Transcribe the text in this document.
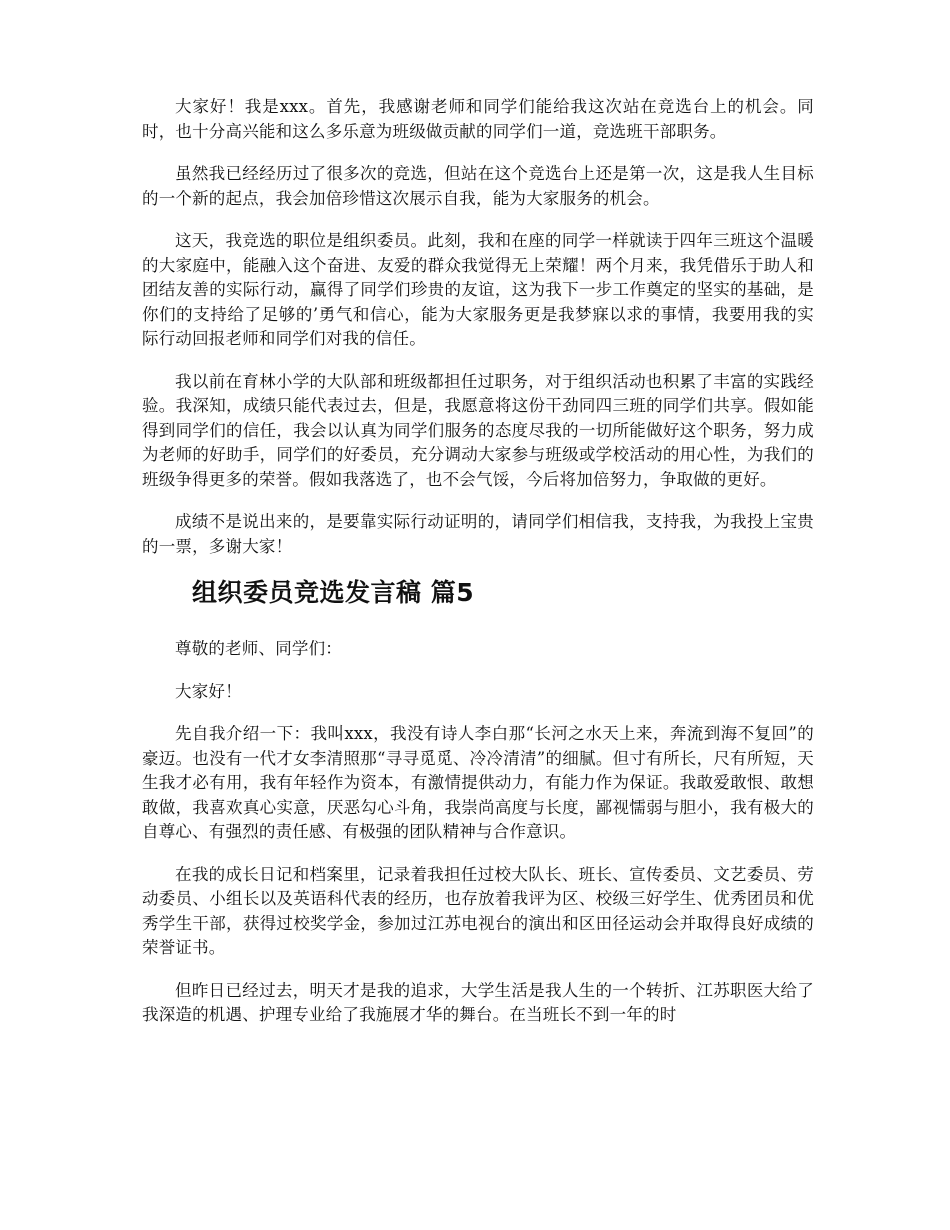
大家好！我是xxx。首先，我感谢老师和同学们能给我这次站在竞选台上的机会。同时，也十分高兴能和这么多乐意为班级做贡献的同学们一道，竞选班干部职务。

虽然我已经经历过了很多次的竞选，但站在这个竞选台上还是第一次，这是我人生目标的一个新的起点，我会加倍珍惜这次展示自我，能为大家服务的机会。

这天，我竞选的职位是组织委员。此刻，我和在座的同学一样就读于四年三班这个温暖的大家庭中，能融入这个奋进、友爱的群众我觉得无上荣耀！两个月来，我凭借乐于助人和团结友善的实际行动，赢得了同学们珍贵的友谊，这为我下一步工作奠定的坚实的基础，是你们的支持给了足够的’勇气和信心，能为大家服务更是我梦寐以求的事情，我要用我的实际行动回报老师和同学们对我的信任。

我以前在育林小学的大队部和班级都担任过职务，对于组织活动也积累了丰富的实践经验。我深知，成绩只能代表过去，但是，我愿意将这份干劲同四三班的同学们共享。假如能得到同学们的信任，我会以认真为同学们服务的态度尽我的一切所能做好这个职务，努力成为老师的好助手，同学们的好委员，充分调动大家参与班级或学校活动的用心性，为我们的班级争得更多的荣誉。假如我落选了，也不会气馁，今后将加倍努力，争取做的更好。

成绩不是说出来的，是要靠实际行动证明的，请同学们相信我，支持我，为我投上宝贵的一票，多谢大家！

组织委员竞选发言稿 篇5

尊敬的老师、同学们：

大家好！

先自我介绍一下：我叫xxx，我没有诗人李白那“长河之水天上来，奔流到海不复回”的豪迈。也没有一代才女李清照那“寻寻觅觅、冷冷清清”的细腻。但寸有所长，尺有所短，天生我才必有用，我有年轻作为资本，有激情提供动力，有能力作为保证。我敢爱敢恨、敢想敢做，我喜欢真心实意，厌恶勾心斗角，我崇尚高度与长度，鄙视懦弱与胆小，我有极大的自尊心、有强烈的责任感、有极强的团队精神与合作意识。

在我的成长日记和档案里，记录着我担任过校大队长、班长、宣传委员、文艺委员、劳动委员、小组长以及英语科代表的经历，也存放着我评为区、校级三好学生、优秀团员和优秀学生干部，获得过校奖学金，参加过江苏电视台的演出和区田径运动会并取得良好成绩的荣誉证书。

但昨日已经过去，明天才是我的追求，大学生活是我人生的一个转折、江苏职医大给了我深造的机遇、护理专业给了我施展才华的舞台。在当班长不到一年的时
